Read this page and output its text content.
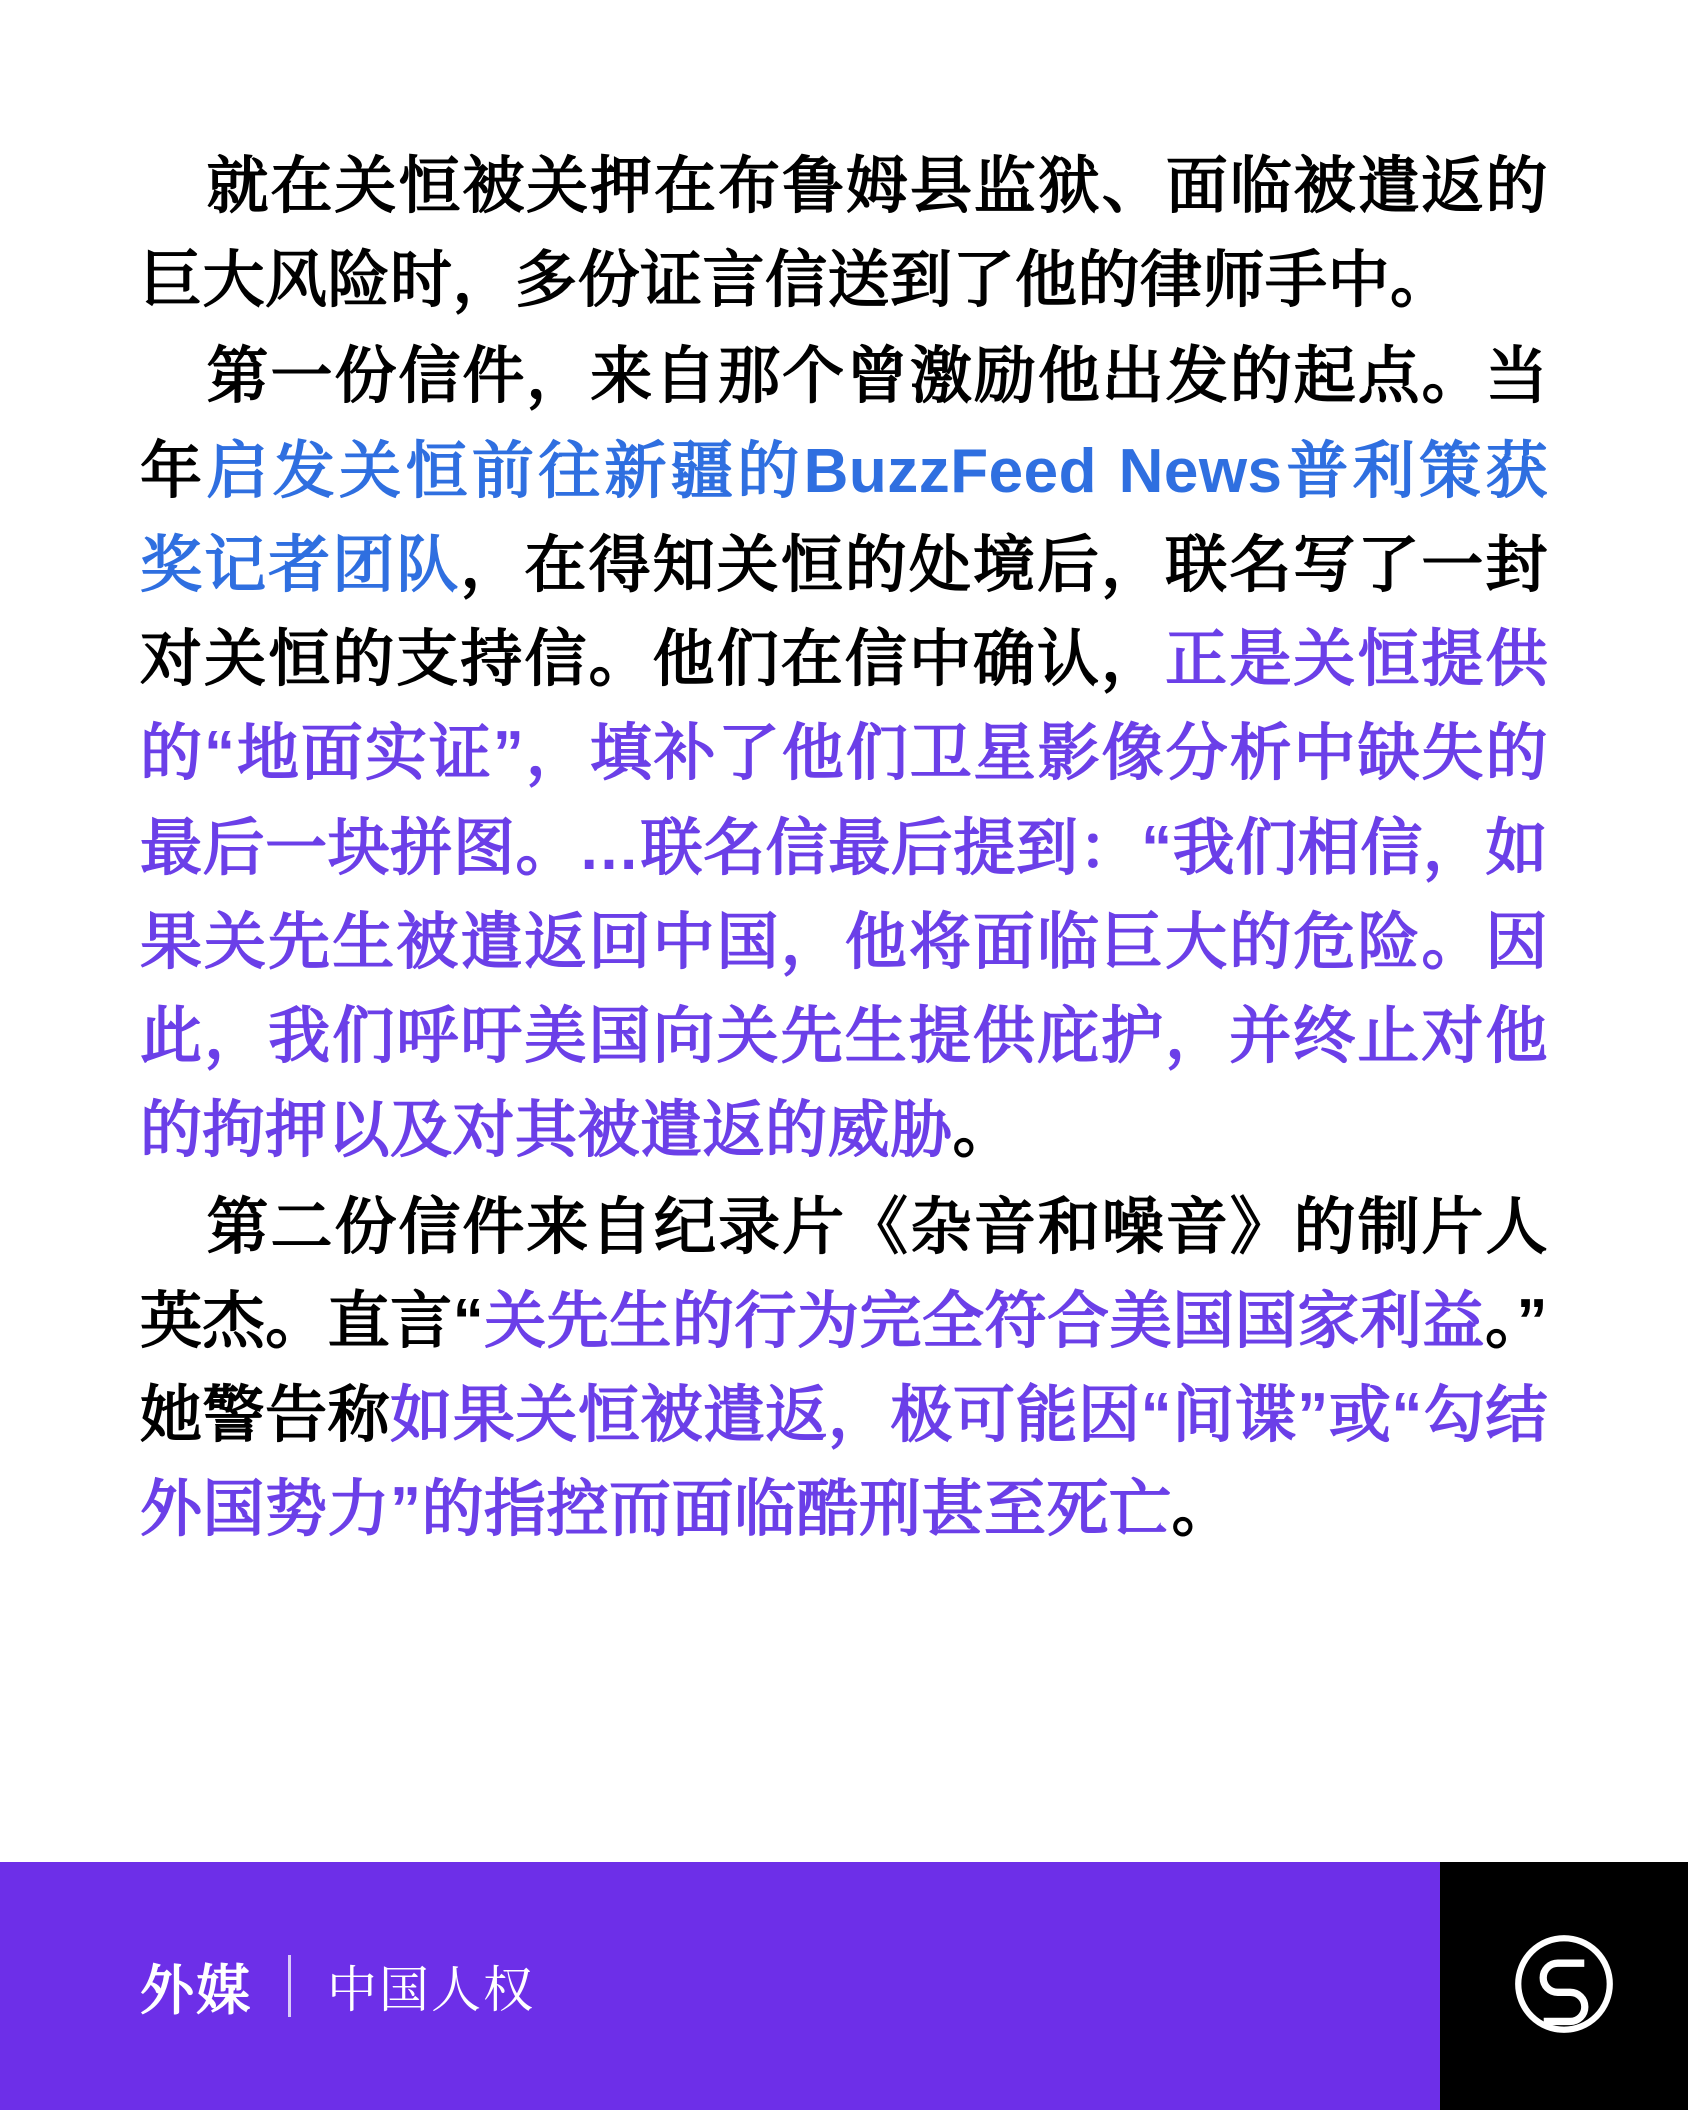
就在关恒被关押在布鲁姆县监狱、面临被遣返的巨大风险时，多份证言信送到了他的律师手中。

第一份信件，来自那个曾激励他出发的起点。当年启发关恒前往新疆的BuzzFeed News普利策获奖记者团队，在得知关恒的处境后，联名写了一封对关恒的支持信。他们在信中确认，正是关恒提供的“地面实证”，填补了他们卫星影像分析中缺失的最后一块拼图。…联名信最后提到：“我们相信，如果关先生被遣返回中国，他将面临巨大的危险。因此，我们呼吁美国向关先生提供庇护，并终止对他的拘押以及对其被遣返的威胁。

第二份信件来自纪录片《杂音和噪音》的制片人英杰。直言“关先生的行为完全符合美国国家利益。”她警告称如果关恒被遣返，极可能因“间谍”或“勾结外国势力”的指控而面临酷刑甚至死亡。

外媒 中国人权
